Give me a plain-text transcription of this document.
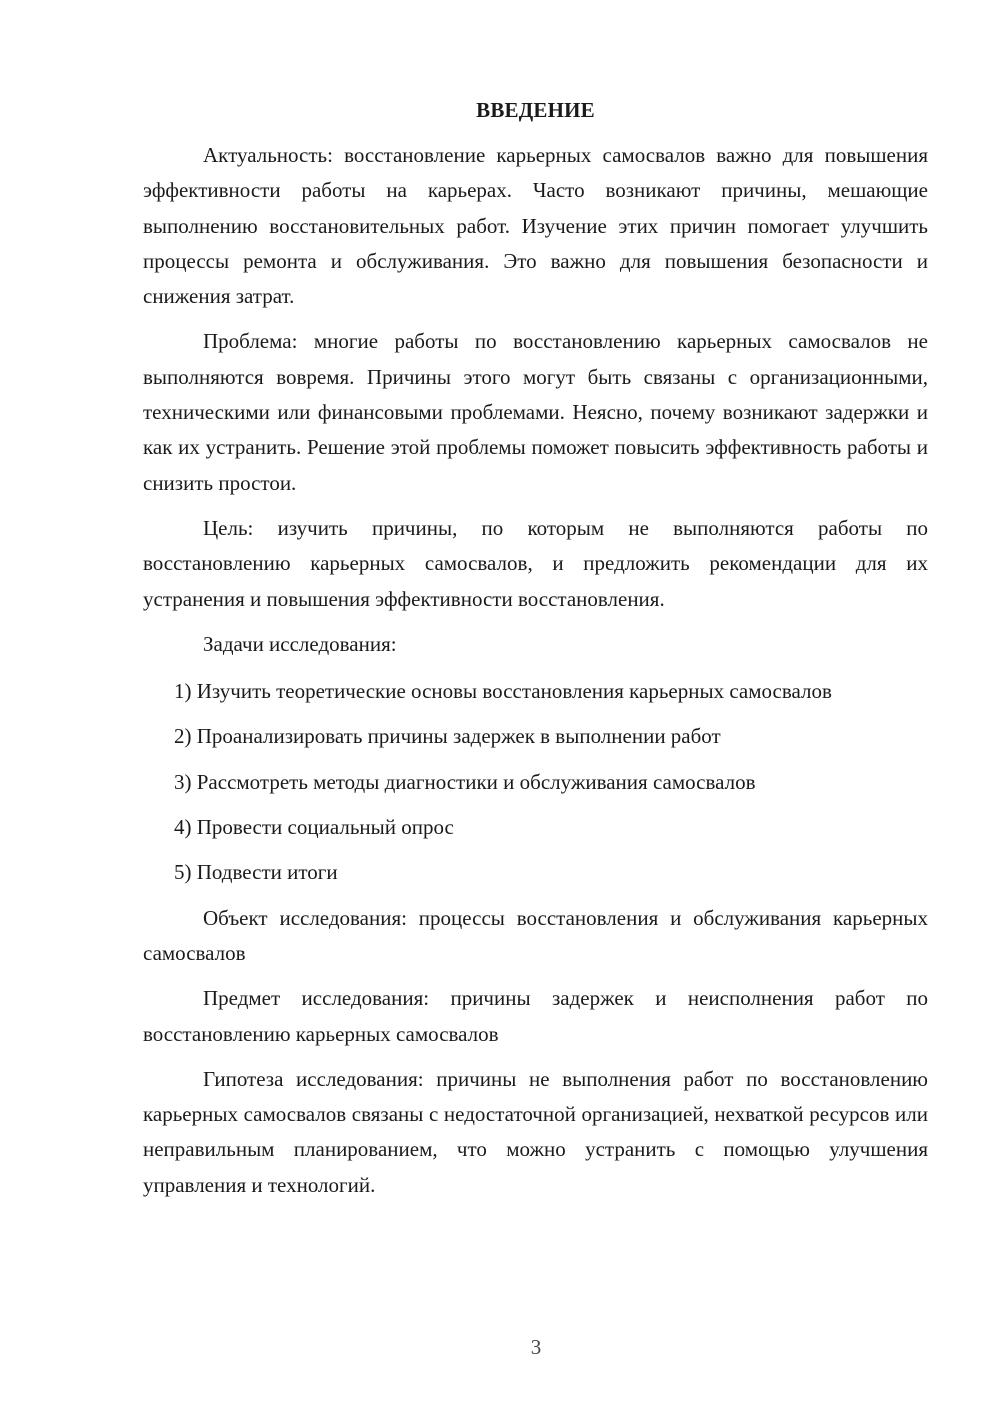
ВВЕДЕНИЕ

Актуальность: восстановление карьерных самосвалов важно для повышения эффективности работы на карьерах. Часто возникают причины, мешающие выполнению восстановительных работ. Изучение этих причин помогает улучшить процессы ремонта и обслуживания. Это важно для повышения безопасности и снижения затрат.

Проблема: многие работы по восстановлению карьерных самосвалов не выполняются вовремя. Причины этого могут быть связаны с организационными, техническими или финансовыми проблемами. Неясно, почему возникают задержки и как их устранить. Решение этой проблемы поможет повысить эффективность работы и снизить простои.

Цель: изучить причины, по которым не выполняются работы по восстановлению карьерных самосвалов, и предложить рекомендации для их устранения и повышения эффективности восстановления.

Задачи исследования:

1) Изучить теоретические основы восстановления карьерных самосвалов

2) Проанализировать причины задержек в выполнении работ

3) Рассмотреть методы диагностики и обслуживания самосвалов

4) Провести социальный опрос

5) Подвести итоги

Объект исследования: процессы восстановления и обслуживания карьерных самосвалов

Предмет исследования: причины задержек и неисполнения работ по восстановлению карьерных самосвалов

Гипотеза исследования: причины не выполнения работ по восстановлению карьерных самосвалов связаны с недостаточной организацией, нехваткой ресурсов или неправильным планированием, что можно устранить с помощью улучшения управления и технологий.

3
